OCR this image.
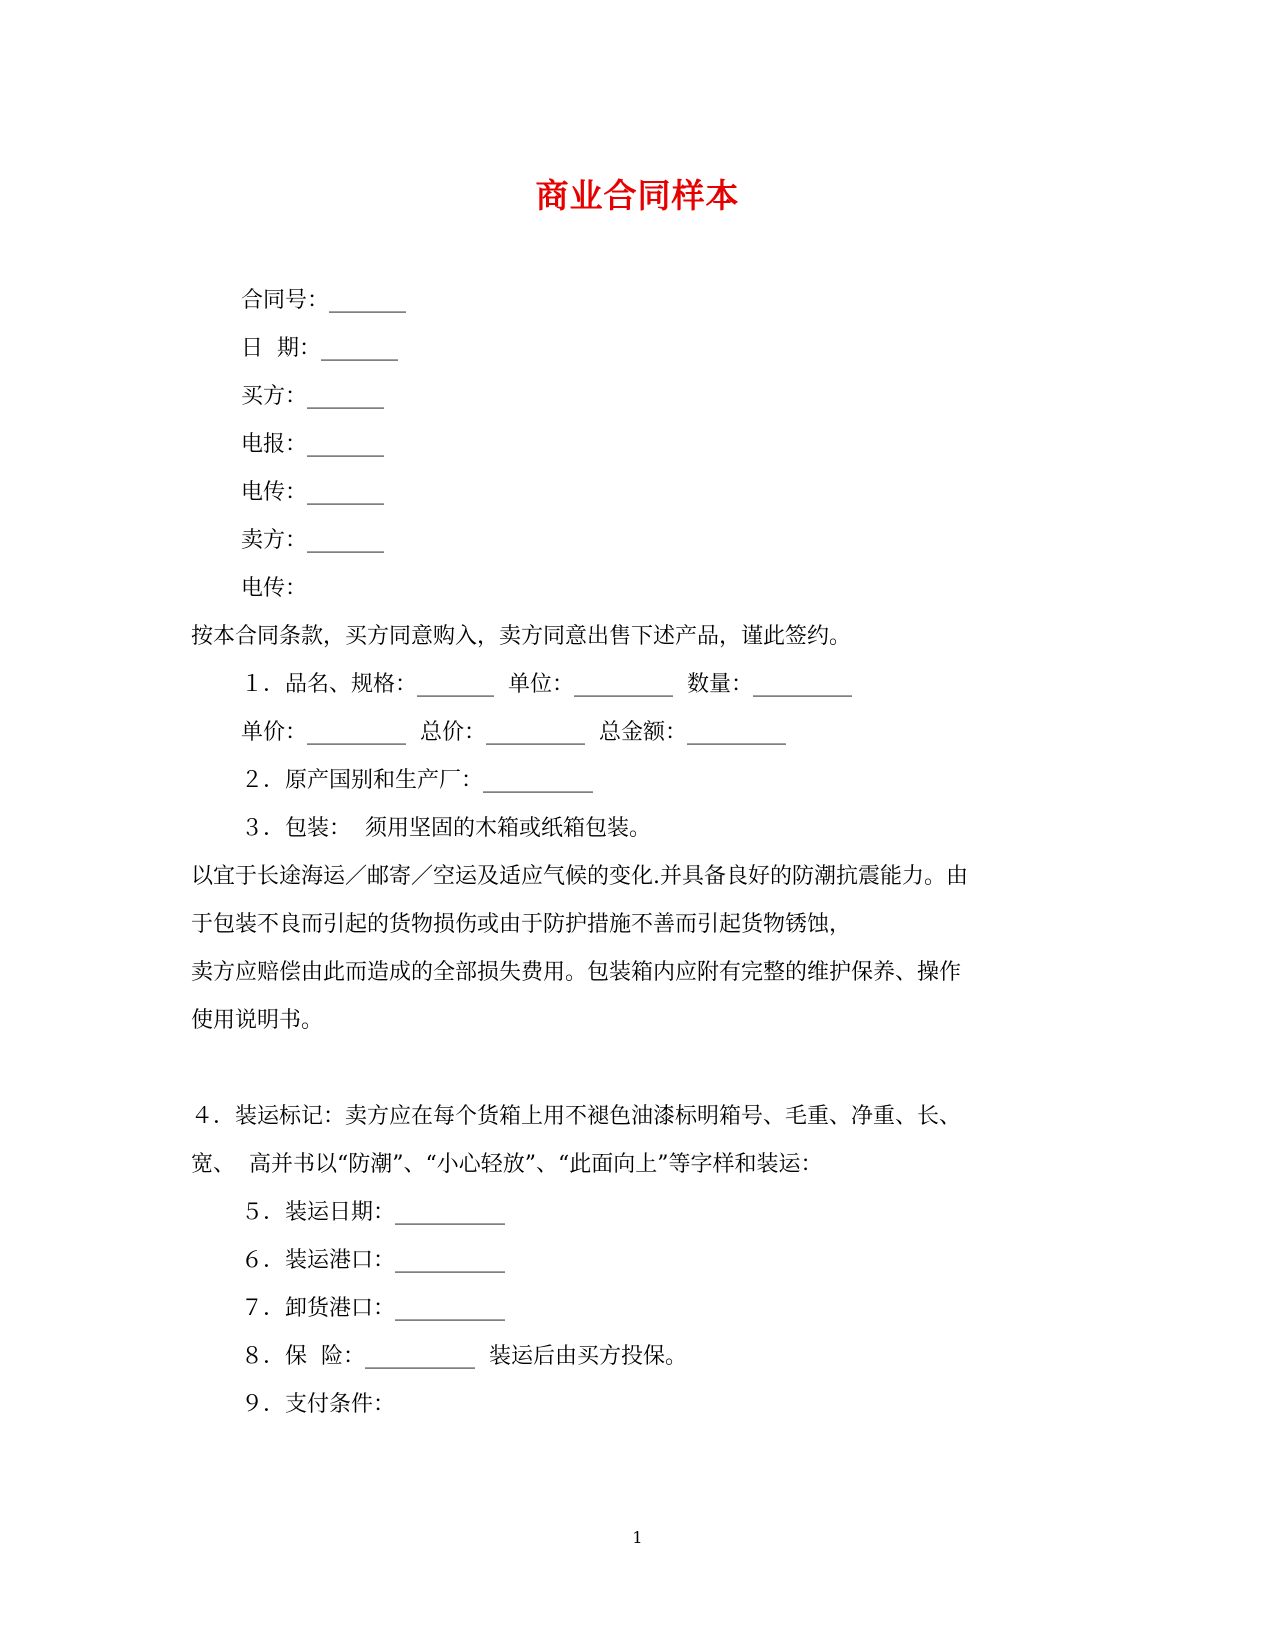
商业合同样本
合同号：_______
日  期：_______
买方：_______
电报：_______
电传：_______
卖方：_______
电传：
按本合同条款，买方同意购入，卖方同意出售下述产品，谨此签约。
１．品名、规格：_______  单位：_________  数量：_________
单价：_________  总价：_________  总金额：_________
２．原产国别和生产厂：__________
３．包装：  须用坚固的木箱或纸箱包装。
以宜于长途海运／邮寄／空运及适应气候的变化.并具备良好的防潮抗震能力。由
于包装不良而引起的货物损伤或由于防护措施不善而引起货物锈蚀，
卖方应赔偿由此而造成的全部损失费用。包装箱内应附有完整的维护保养、操作
使用说明书。
４．装运标记：卖方应在每个货箱上用不褪色油漆标明箱号、毛重、净重、长、
宽、  高并书以“防潮”、“小心轻放”、“此面向上”等字样和装运：
５．装运日期：__________
６．装运港口：__________
７．卸货港口：__________
８．保  险：__________  装运后由买方投保。
９．支付条件：
1
